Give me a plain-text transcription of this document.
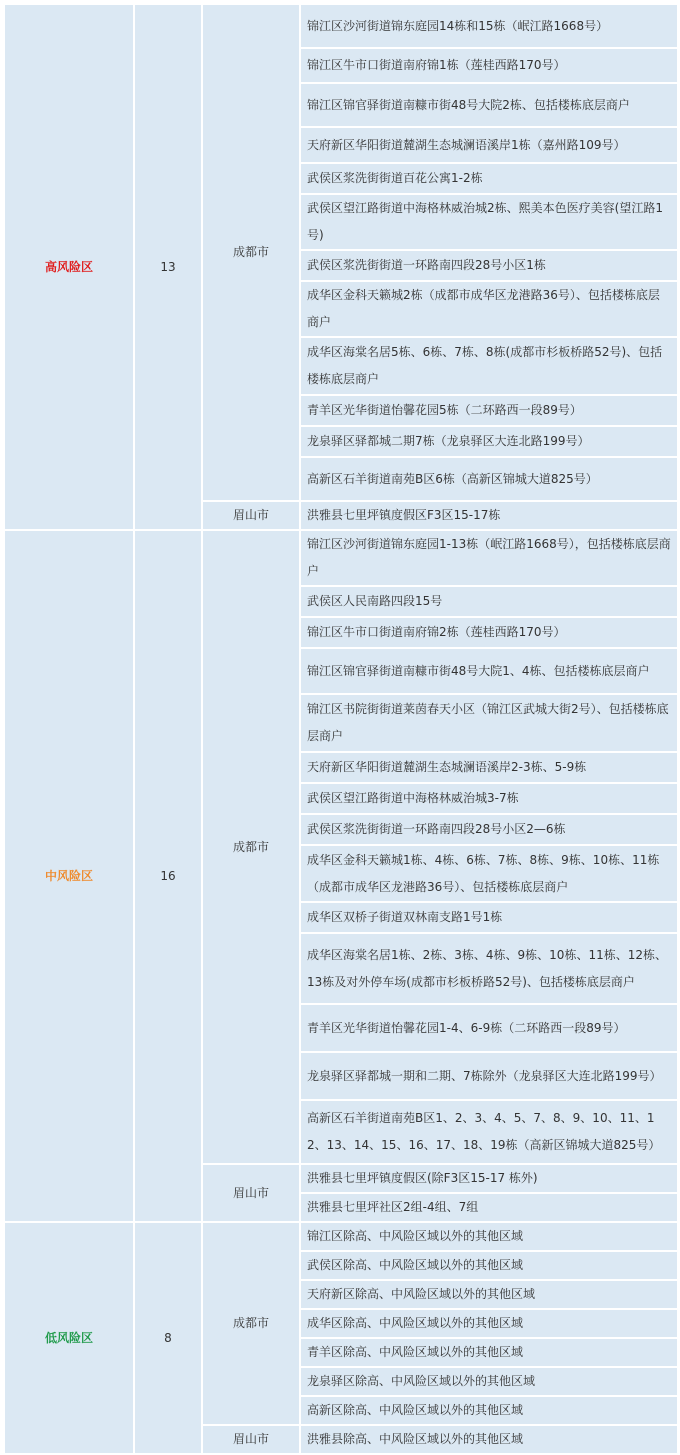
高风险区	13	成都市	锦江区沙河街道锦东庭园14栋和15栋（岷江路1668号）
			锦江区牛市口街道南府锦1栋（莲桂西路170号）
			锦江区锦官驿街道南糠市街48号大院2栋、包括楼栋底层商户
			天府新区华阳街道麓湖生态城澜语溪岸1栋（嘉州路109号）
			武侯区浆洗街街道百花公寓1-2栋
			武侯区望江路街道中海格林威治城2栋、熙美本色医疗美容(望江路1号)
			武侯区浆洗街街道一环路南四段28号小区1栋
			成华区金科天籁城2栋（成都市成华区龙港路36号）、包括楼栋底层商户
			成华区海棠名居5栋、6栋、7栋、8栋(成都市杉板桥路52号)、包括楼栋底层商户
			青羊区光华街道怡馨花园5栋（二环路西一段89号）
			龙泉驿区驿都城二期7栋（龙泉驿区大连北路199号）
			高新区石羊街道南苑B区6栋（高新区锦城大道825号）
		眉山市	洪雅县七里坪镇度假区F3区15-17栋
中风险区	16	成都市	锦江区沙河街道锦东庭园1-13栋（岷江路1668号），包括楼栋底层商户
			武侯区人民南路四段15号
			锦江区牛市口街道南府锦2栋（莲桂西路170号）
			锦江区锦官驿街道南糠市街48号大院1、4栋、包括楼栋底层商户
			锦江区书院街街道莱茵春天小区（锦江区武城大街2号）、包括楼栋底层商户
			天府新区华阳街道麓湖生态城澜语溪岸2-3栋、5-9栋
			武侯区望江路街道中海格林威治城3-7栋
			武侯区浆洗街街道一环路南四段28号小区2—6栋
			成华区金科天籁城1栋、4栋、6栋、7栋、8栋、9栋、10栋、11栋（成都市成华区龙港路36号）、包括楼栋底层商户
			成华区双桥子街道双林南支路1号1栋
			成华区海棠名居1栋、2栋、3栋、4栋、9栋、10栋、11栋、12栋、13栋及对外停车场(成都市杉板桥路52号)、包括楼栋底层商户
			青羊区光华街道怡馨花园1-4、6-9栋（二环路西一段89号）
			龙泉驿区驿都城一期和二期、7栋除外（龙泉驿区大连北路199号）
			高新区石羊街道南苑B区1、2、3、4、5、7、8、9、10、11、12、13、14、15、16、17、18、19栋（高新区锦城大道825号）
		眉山市	洪雅县七里坪镇度假区(除F3区15-17 栋外)
			洪雅县七里坪社区2组-4组、7组
低风险区	8	成都市	锦江区除高、中风险区域以外的其他区域
			武侯区除高、中风险区域以外的其他区域
			天府新区除高、中风险区域以外的其他区域
			成华区除高、中风险区域以外的其他区域
			青羊区除高、中风险区域以外的其他区域
			龙泉驿区除高、中风险区域以外的其他区域
			高新区除高、中风险区域以外的其他区域
		眉山市	洪雅县除高、中风险区域以外的其他区域
